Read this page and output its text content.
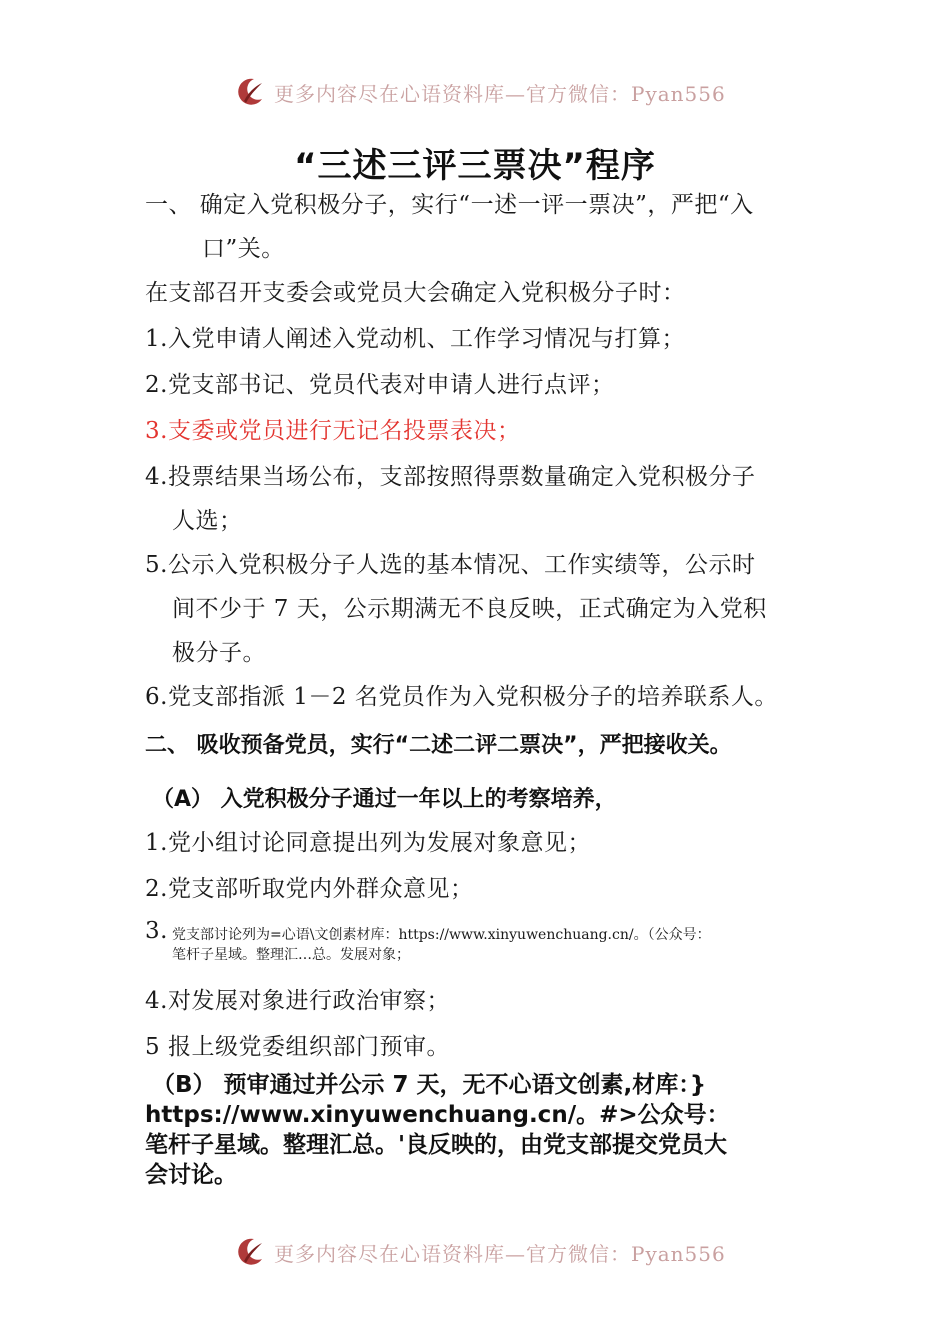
更多内容尽在心语资料库—官方微信：Pyan556
“三述三评三票决”程序
一、 确定入党积极分子，实行“一述一评一票决”，严把“入
口”关。
在支部召开支委会或党员大会确定入党积极分子时：
1.入党申请人阐述入党动机、工作学习情况与打算；
2.党支部书记、党员代表对申请人进行点评；
3.支委或党员进行无记名投票表决；
4.投票结果当场公布，支部按照得票数量确定入党积极分子
人选；
5.公示入党积极分子人选的基本情况、工作实绩等，公示时
间不少于 7 天，公示期满无不良反映，正式确定为入党积
极分子。
6.党支部指派 1－2 名党员作为入党积极分子的培养联系人。
二、 吸收预备党员，实行“二述二评二票决”，严把接收关。
（A） 入党积极分子通过一年以上的考察培养，
1.党小组讨论同意提出列为发展对象意见；
2.党支部听取党内外群众意见；
3. 党支部讨论列为=心语\文创素材库：https://www.xinyuwenchuang.cn/。（公众号：
笔杆子星域。整理汇…总。发展对象；
4.对发展对象进行政治审察；
5 报上级党委组织部门预审。
（B） 预审通过并公示 7 天，无不心语文创素,材库：}
https://www.xinyuwenchuang.cn/。#>公众号：
笔杆子星域。整理汇总。'良反映的，由党支部提交党员大
会讨论。
更多内容尽在心语资料库—官方微信：Pyan556
